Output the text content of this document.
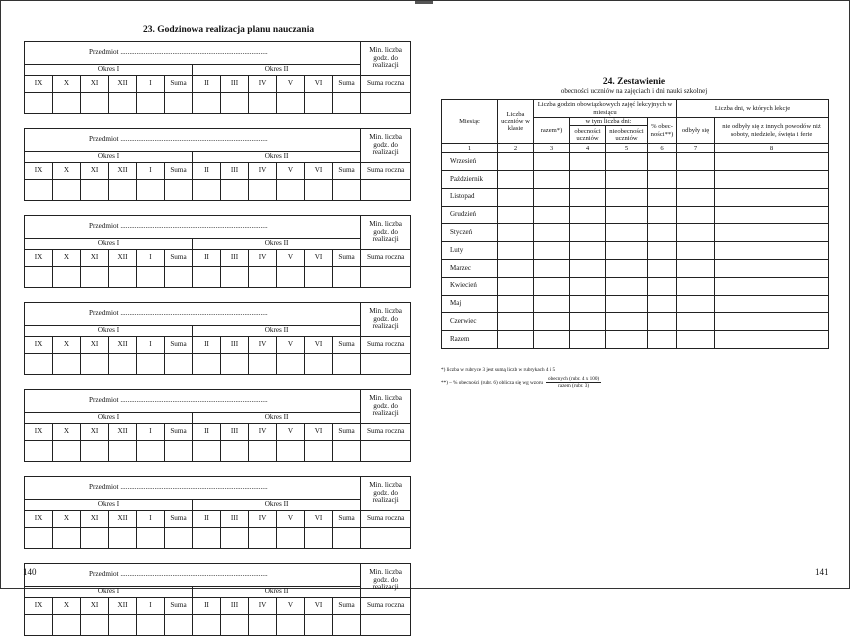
23. Godzinowa realizacja planu nauczania
Przedmiot ..................................................................................												Min. liczba godz. do realizacji
Okres I						Okres II						
IX	X	XI	XII	I	Suma	II	III	IV	V	VI	Suma	Suma roczna

Przedmiot ..................................................................................												Min. liczba godz. do realizacji
Okres I						Okres II						
IX	X	XI	XII	I	Suma	II	III	IV	V	VI	Suma	Suma roczna

Przedmiot ..................................................................................												Min. liczba godz. do realizacji
Okres I						Okres II						
IX	X	XI	XII	I	Suma	II	III	IV	V	VI	Suma	Suma roczna

Przedmiot ..................................................................................												Min. liczba godz. do realizacji
Okres I						Okres II						
IX	X	XI	XII	I	Suma	II	III	IV	V	VI	Suma	Suma roczna

Przedmiot ..................................................................................												Min. liczba godz. do realizacji
Okres I						Okres II						
IX	X	XI	XII	I	Suma	II	III	IV	V	VI	Suma	Suma roczna

Przedmiot ..................................................................................												Min. liczba godz. do realizacji
Okres I						Okres II						
IX	X	XI	XII	I	Suma	II	III	IV	V	VI	Suma	Suma roczna

Przedmiot ..................................................................................												Min. liczba godz. do realizacji
Okres I						Okres II						
IX	X	XI	XII	I	Suma	II	III	IV	V	VI	Suma	Suma roczna

140
24. Zestawienie
obecności uczniów na zajęciach i dni nauki szkolnej
Miesiąc	Liczba uczniów w klasie	Liczba godzin obowiązkowych zajęć lekcyjnych w miesiącu				Liczba dni, w których lekcje	
		razem*)	w tym liczba dni:		% obec- ności**)	odbyły się	nie odbyły się z innych powodów niż soboty, niedziele, święta i ferie
			obecności uczniów	nieobecności uczniów			
1	2	3	4	5	6	7	8
Wrzesień							
Październik							
Listopad							
Grudzień							
Styczeń							
Luty							
Marzec							
Kwiecień							
Maj							
Czerwiec							
Razem							
*) liczba w rubryce 3 jest sumą liczb w rubrykach 4 i 5
**) – % obecności (rubr. 6) oblicza się wg wzoru $\frac{\text{obecnych (rubr. 4 x 100)}}{\text{razem (rubr. 3)}}$
141
